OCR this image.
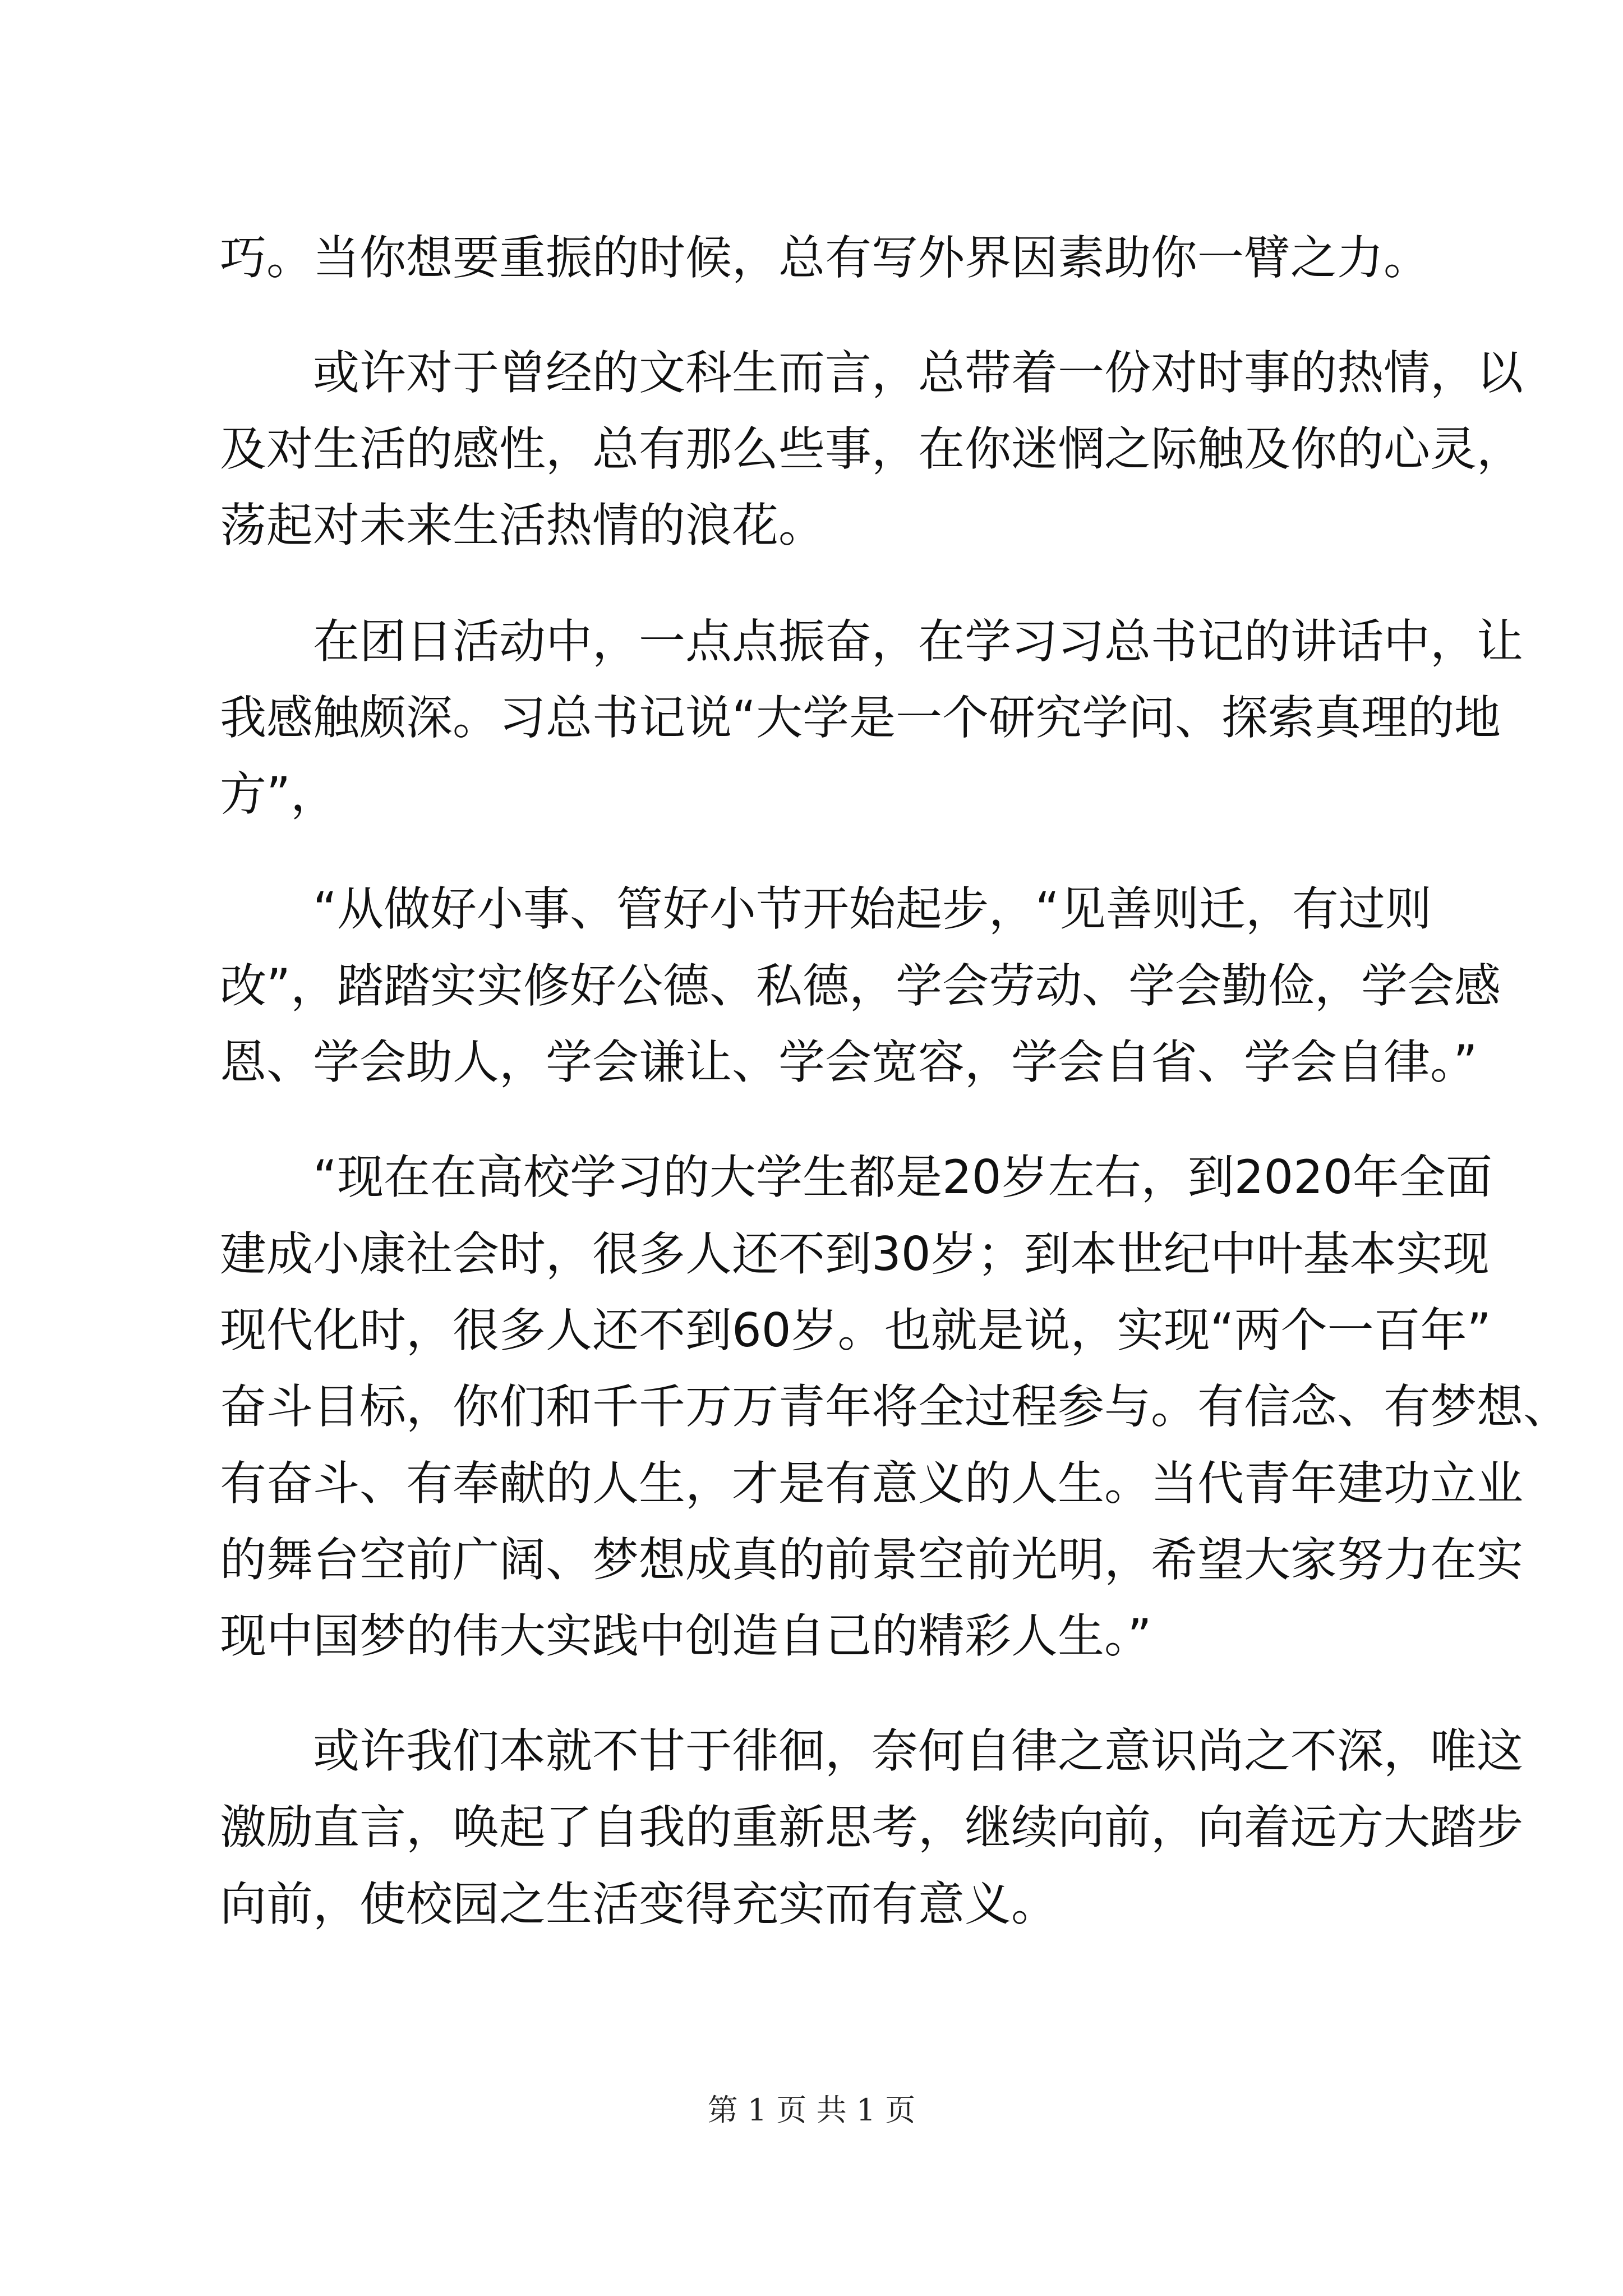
巧。当你想要重振的时候，总有写外界因素助你一臂之力。
　　或许对于曾经的文科生而言，总带着一份对时事的热情，以
及对生活的感性，总有那么些事，在你迷惘之际触及你的心灵，
荡起对未来生活热情的浪花。
　　在团日活动中，一点点振奋，在学习习总书记的讲话中，让
我感触颇深。习总书记说“大学是一个研究学问、探索真理的地
方”，
　　“从做好小事、管好小节开始起步，“见善则迁，有过则
改”，踏踏实实修好公德、私德，学会劳动、学会勤俭，学会感
恩、学会助人，学会谦让、学会宽容，学会自省、学会自律。”
　　“现在在高校学习的大学生都是20岁左右，到2020年全面
建成小康社会时，很多人还不到30岁；到本世纪中叶基本实现
现代化时，很多人还不到60岁。也就是说，实现“两个一百年”
奋斗目标，你们和千千万万青年将全过程参与。有信念、有梦想、
有奋斗、有奉献的人生，才是有意义的人生。当代青年建功立业
的舞台空前广阔、梦想成真的前景空前光明，希望大家努力在实
现中国梦的伟大实践中创造自己的精彩人生。”
　　或许我们本就不甘于徘徊，奈何自律之意识尚之不深，唯这
激励直言，唤起了自我的重新思考，继续向前，向着远方大踏步
向前，使校园之生活变得充实而有意义。
第 1 页 共 1 页
